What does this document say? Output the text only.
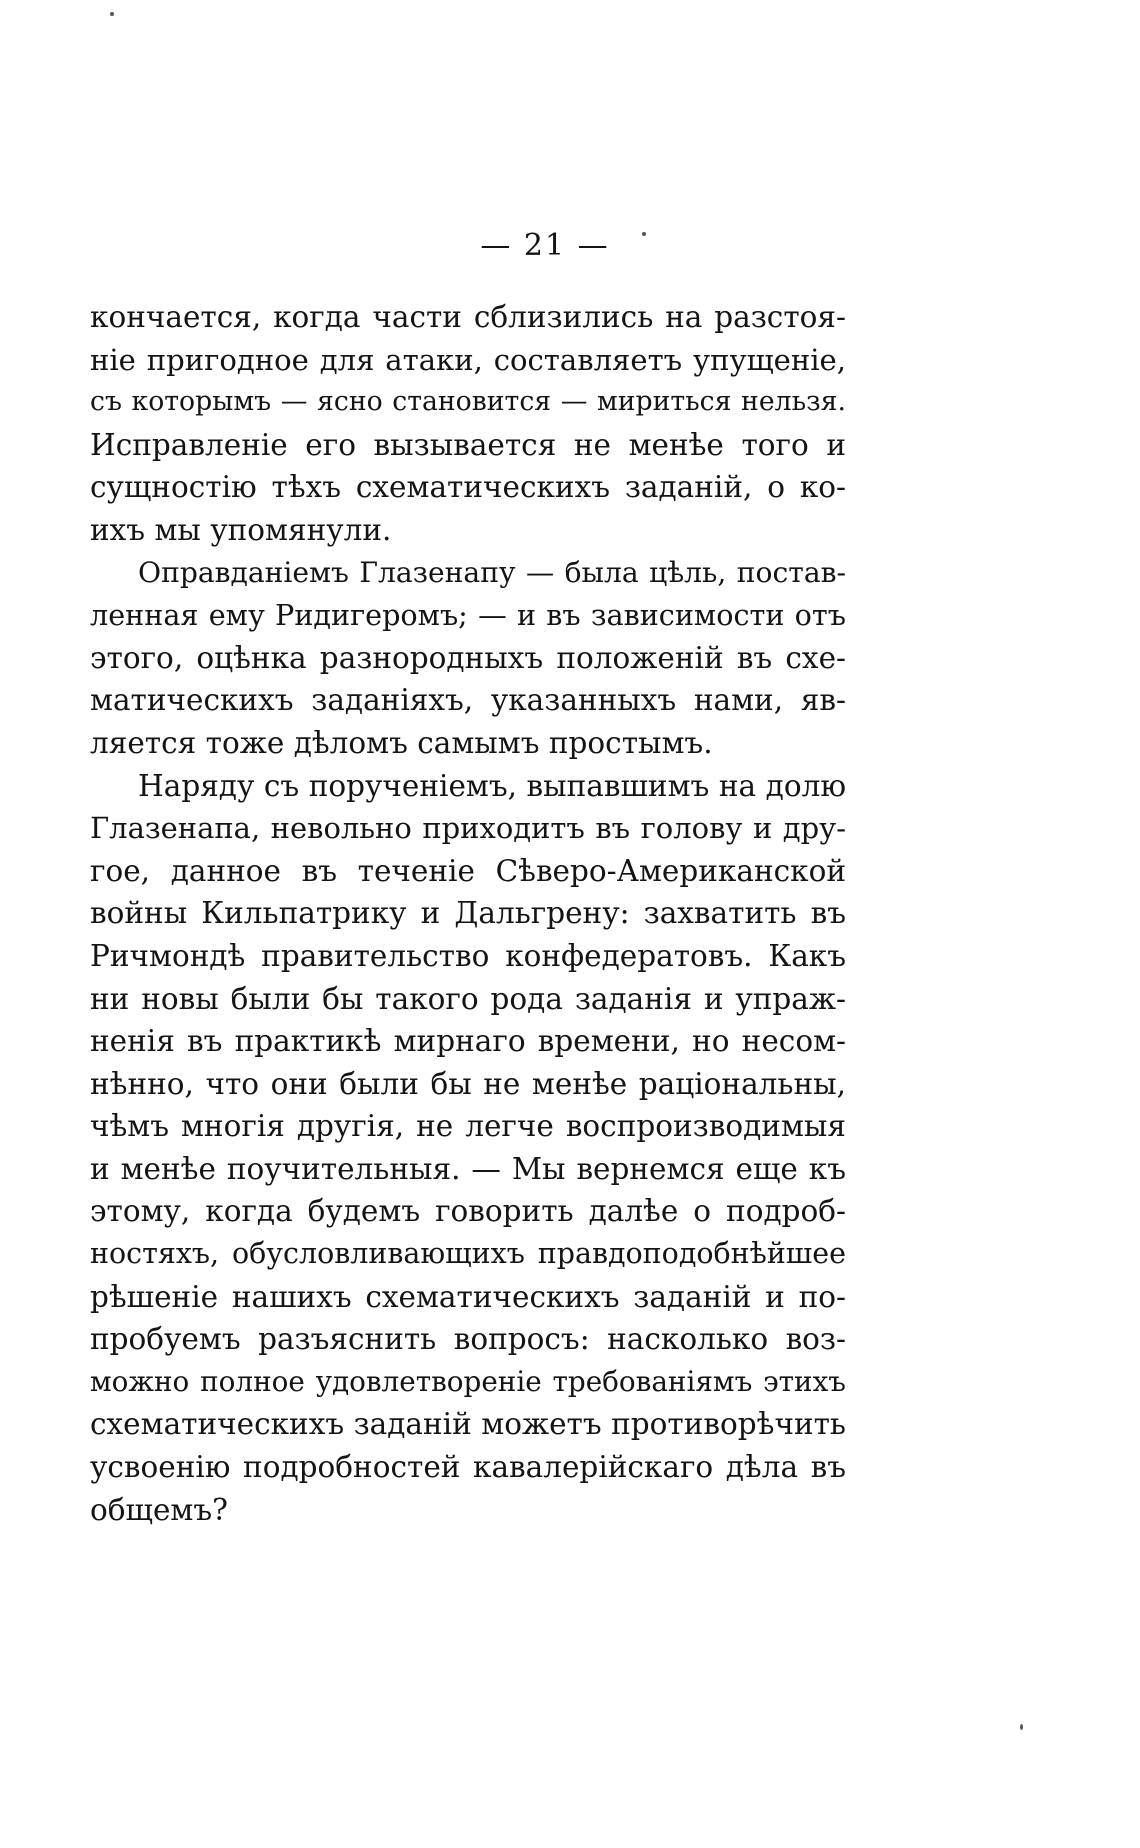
— 21 —
кончается, когда части сблизились на разстоя-
ніе пригодное для атаки, составляетъ упущеніе,
съ которымъ — ясно становится — мириться нельзя.
Исправленіе его вызывается не менѣе того и
сущностію тѣхъ схематическихъ заданій, о ко-
ихъ мы упомянули.
Оправданіемъ Глазенапу — была цѣль, постав-
ленная ему Ридигеромъ; — и въ зависимости отъ
этого, оцѣнка разнородныхъ положеній въ схе-
матическихъ заданіяхъ, указанныхъ нами, яв-
ляется тоже дѣломъ самымъ простымъ.
Наряду съ порученіемъ, выпавшимъ на долю
Глазенапа, невольно приходитъ въ голову и дру-
гое, данное въ теченіе Сѣверо-Американской
войны Кильпатрику и Дальгрену: захватить въ
Ричмондѣ правительство конфедератовъ. Какъ
ни новы были бы такого рода заданія и упраж-
ненія въ практикѣ мирнаго времени, но несом-
нѣнно, что они были бы не менѣе раціональны,
чѣмъ многія другія, не легче воспроизводимыя
и менѣе поучительныя. — Мы вернемся еще къ
этому, когда будемъ говорить далѣе о подроб-
ностяхъ, обусловливающихъ правдоподобнѣйшее
рѣшеніе нашихъ схематическихъ заданій и по-
пробуемъ разъяснить вопросъ: насколько воз-
можно полное удовлетвореніе требованіямъ этихъ
схематическихъ заданій можетъ противорѣчить
усвоенію подробностей кавалерійскаго дѣла въ
общемъ?
